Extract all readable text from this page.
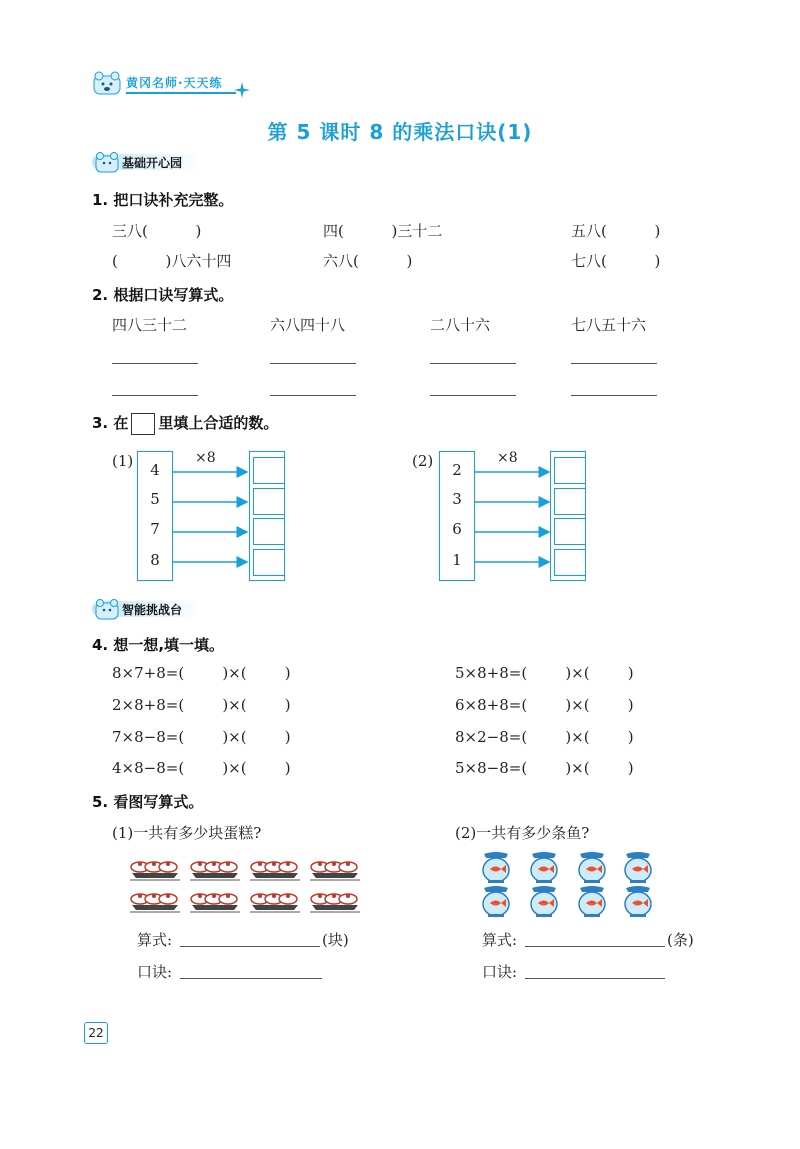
黄冈名师·天天练
第 5 课时 8 的乘法口诀(1)
基础开心园
1. 把口诀补充完整。
三八(          )	四(          )三十二	五八(          )
(          )八六十四	六八(          )	七八(          )
2. 根据口诀写算式。
四八三十二	六八四十八	二八十六	七八五十六
3. 在 里填上合适的数。
(1)	4
5
7
8
×8	(2)	2
3
6
1
×8
智能挑战台
4. 想一想,填一填。
8×7+8=(        )×(        )
2×8+8=(        )×(        )
7×8−8=(        )×(        )
4×8−8=(        )×(        )
5×8+8=(        )×(        )
6×8+8=(        )×(        )
8×2−8=(        )×(        )
5×8−8=(        )×(        )
5. 看图写算式。
(1)一共有多少块蛋糕?	(2)一共有多少条鱼?
算式:	(块)
口诀:
算式:	(条)
口诀:
22
